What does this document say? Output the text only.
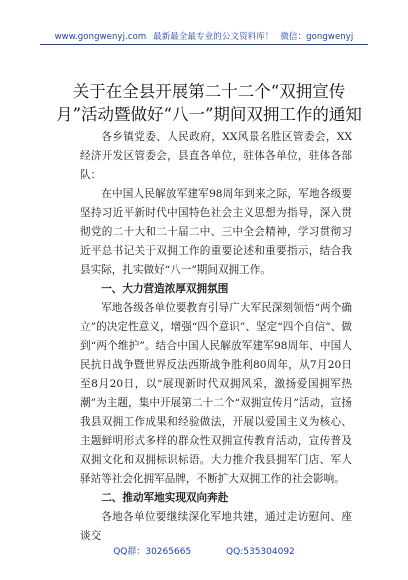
www.gongwenyj.com 最新最全最专业的公文资料库！ 微信：gongwenyj
关于在全县开展第二十二个“双拥宣传月”活动暨做好“八一”期间双拥工作的通知

各乡镇党委、人民政府，XX风景名胜区管委会，XX经济开发区管委会，县直各单位，驻体各单位，驻体各部队：

在中国人民解放军建军98周年到来之际，军地各级要坚持习近平新时代中国特色社会主义思想为指导，深入贯彻党的二十大和二十届二中、三中全会精神，学习贯彻习近平总书记关于双拥工作的重要论述和重要指示，结合我县实际，扎实做好“八一”期间双拥工作。

一、大力营造浓厚双拥氛围

军地各级各单位要教育引导广大军民深刻领悟“两个确立”的决定性意义，增强“四个意识”、坚定“四个自信”、做到“两个维护”。结合中国人民解放军建军98周年、中国人民抗日战争暨世界反法西斯战争胜利80周年，从7月20日至8月20日，以“展现新时代双拥风采，激扬爱国拥军热潮”为主题，集中开展第二十二个“双拥宣传月”活动，宣扬我县双拥工作成果和经验做法，开展以爱国主义为核心、主题鲜明形式多样的群众性双拥宣传教育活动，宣传普及双拥文化和双拥标识标语。大力推介我县拥军门店、军人驿站等社会化拥军品牌，不断扩大双拥工作的社会影响。

二、推动军地实现双向奔赴

各地各单位要继续深化军地共建，通过走访慰问、座谈交

QQ群：30265665	QQ:535304092
